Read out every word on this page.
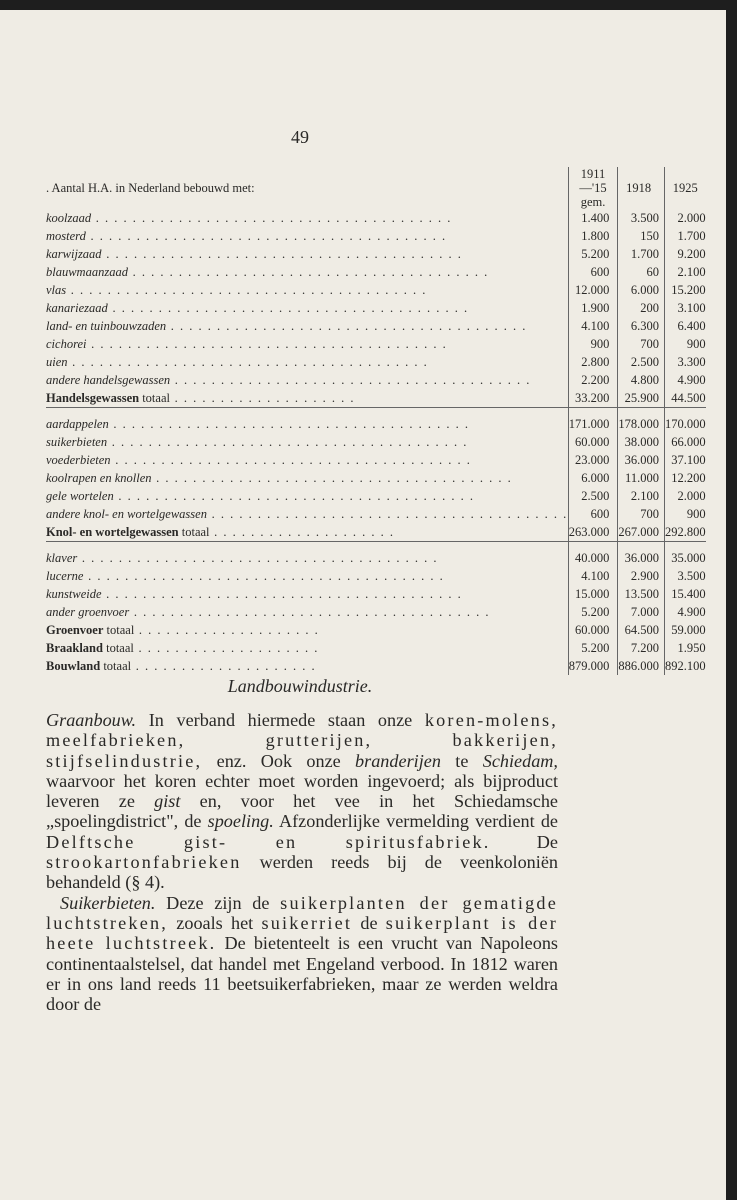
49
. Aantal H.A. in Nederland bebouwd met:	1911—'15 gem.	1918	1925
koolzaad . . .	1.400	3.500	2.000
mosterd . . .	1.800	150	1.700
karwijzaad . . .	5.200	1.700	9.200
blauwmaanzaad . . .	600	60	2.100
vlas . . .	12.000	6.000	15.200
kanariezaad . . .	1.900	200	3.100
land- en tuinbouwzaden . . .	4.100	6.300	6.400
cichorei . . .	900	700	900
uien . . .	2.800	2.500	3.300
andere handelsgewassen . . .	2.200	4.800	4.900
Handelsgewassen totaal . . .	33.200	25.900	44.500

aardappelen . . .	171.000	178.000	170.000
suikerbieten . . .	60.000	38.000	66.000
voederbieten . . .	23.000	36.000	37.100
koolrapen en knollen . . .	6.000	11.000	12.200
gele wortelen . . .	2.500	2.100	2.000
andere knol- en wortelgewassen . . .	600	700	900
Knol- en wortelgewassen totaal . . .	263.000	267.000	292.800

klaver . . .	40.000	36.000	35.000
lucerne . . .	4.100	2.900	3.500
kunstweide . . .	15.000	13.500	15.400
ander groenvoer . . .	5.200	7.000	4.900
Groenvoer totaal . . .	60.000	64.500	59.000
Braakland totaal . . .	5.200	7.200	1.950
Bouwland totaal . . .	879.000	886.000	892.100
Landbouwindustrie.

Graanbouw. In verband hiermede staan onze koren-molens, meelfabrieken, grutterijen, bakkerijen, stijfselindustrie, enz. Ook onze branderijen te Schiedam, waarvoor het koren echter moet worden ingevoerd; als bijproduct leveren ze gist en, voor het vee in het Schiedamsche „spoelingdistrict", de spoeling. Afzonderlijke vermelding verdient de Delftsche gist- en spiritusfabriek. De strookartonfabrieken werden reeds bij de veenkoloniën behandeld (§ 4).

Suikerbieten. Deze zijn de suikerplanten der gematigde luchtstreken, zooals het suikerriet de suikerplant is der heete luchtstreek. De bietenteelt is een vrucht van Napoleons continentaalstelsel, dat handel met Engeland verbood. In 1812 waren er in ons land reeds 11 beetsuikerfabrieken, maar ze werden weldra door de
